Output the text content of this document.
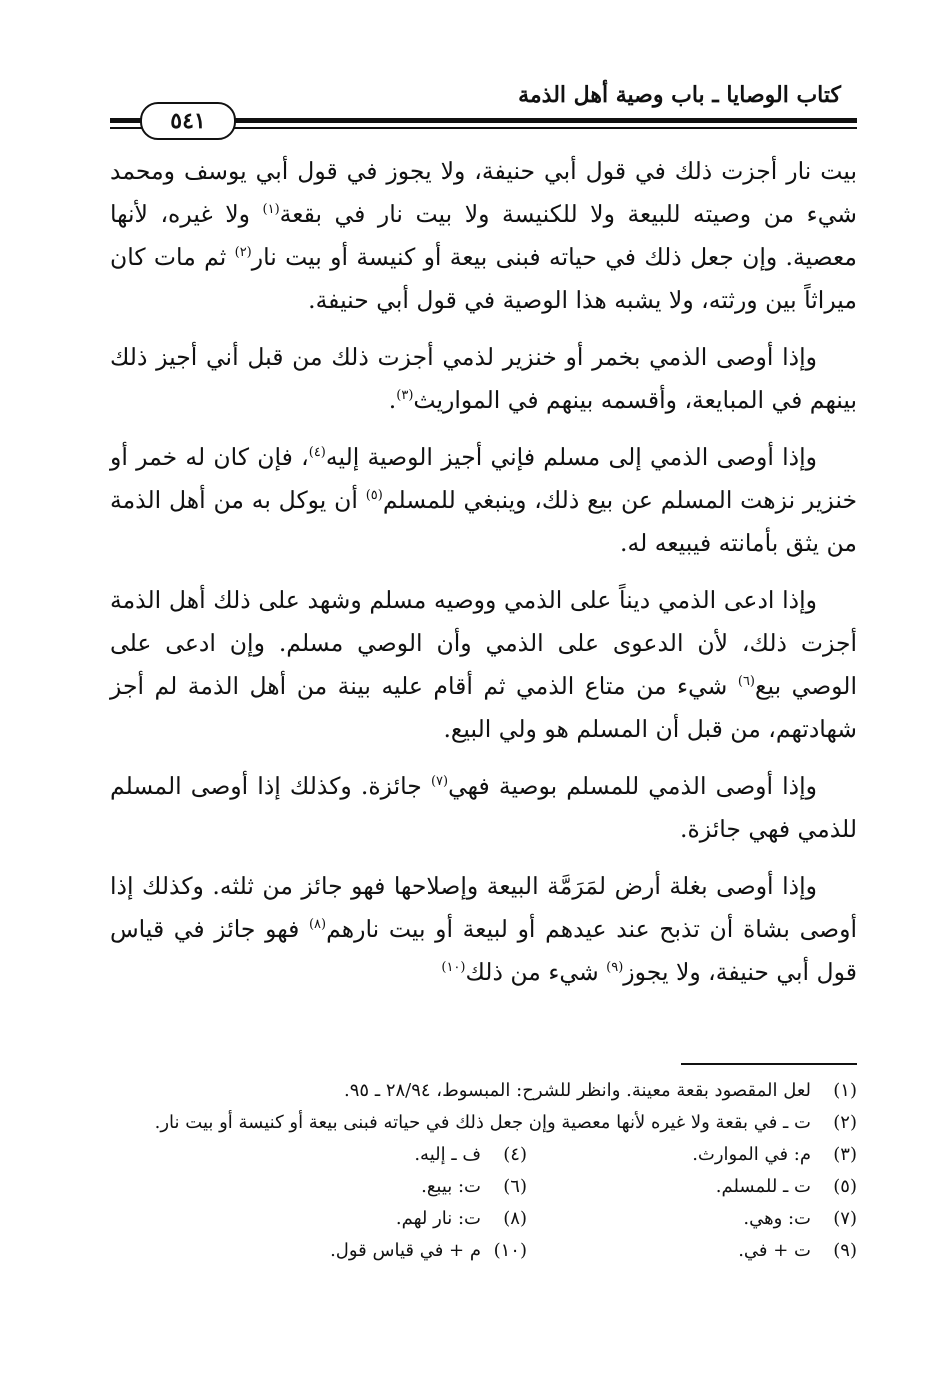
كتاب الوصايا ـ باب وصية أهل الذمة
٥٤١

بيت نار أجزت ذلك في قول أبي حنيفة، ولا يجوز في قول أبي يوسف ومحمد شيء من وصيته للبيعة ولا للكنيسة ولا بيت نار في بقعة$^{(١)}$ ولا غيره، لأنها معصية. وإن جعل ذلك في حياته فبنى بيعة أو كنيسة أو بيت نار$^{(٢)}$ ثم مات كان ميراثاً بين ورثته، ولا يشبه هذا الوصية في قول أبي حنيفة.

وإذا أوصى الذمي بخمر أو خنزير لذمي أجزت ذلك من قبل أني أجيز ذلك بينهم في المبايعة، وأقسمه بينهم في المواريث$^{(٣)}$.

وإذا أوصى الذمي إلى مسلم فإني أجيز الوصية إليه$^{(٤)}$، فإن كان له خمر أو خنزير نزهت المسلم عن بيع ذلك، وينبغي للمسلم$^{(٥)}$ أن يوكل به من أهل الذمة من يثق بأمانته فيبيعه له.

وإذا ادعى الذمي ديناً على الذمي ووصيه مسلم وشهد على ذلك أهل الذمة أجزت ذلك، لأن الدعوى على الذمي وأن الوصي مسلم. وإن ادعى على الوصي بيع$^{(٦)}$ شيء من متاع الذمي ثم أقام عليه بينة من أهل الذمة لم أجز شهادتهم، من قبل أن المسلم هو ولي البيع.

وإذا أوصى الذمي للمسلم بوصية فهي$^{(٧)}$ جائزة. وكذلك إذا أوصى المسلم للذمي فهي جائزة.

وإذا أوصى بغلة أرض لمَرَمَّة البيعة وإصلاحها فهو جائز من ثلثه. وكذلك إذا أوصى بشاة أن تذبح عند عيدهم أو لبيعة أو بيت نارهم$^{(٨)}$ فهو جائز في قياس قول أبي حنيفة، ولا يجوز$^{(٩)}$ شيء من ذلك$^{(١٠)}$

(١)
لعل المقصود بقعة معينة. وانظر للشرح: المبسوط، ٢٨/٩٤ ـ ٩٥.
(٢)
ت ـ في بقعة ولا غيره لأنها معصية وإن جعل ذلك في حياته فبنى بيعة أو كنيسة أو بيت نار.
(٣)
م: في الموارث.
(٤)
ف ـ إليه.
(٥)
ت ـ للمسلم.
(٦)
ت: بيبع.
(٧)
ت: وهي.
(٨)
ت: نار لهم.
(٩)
ت + في.
(١٠)
م + في قياس قول.
